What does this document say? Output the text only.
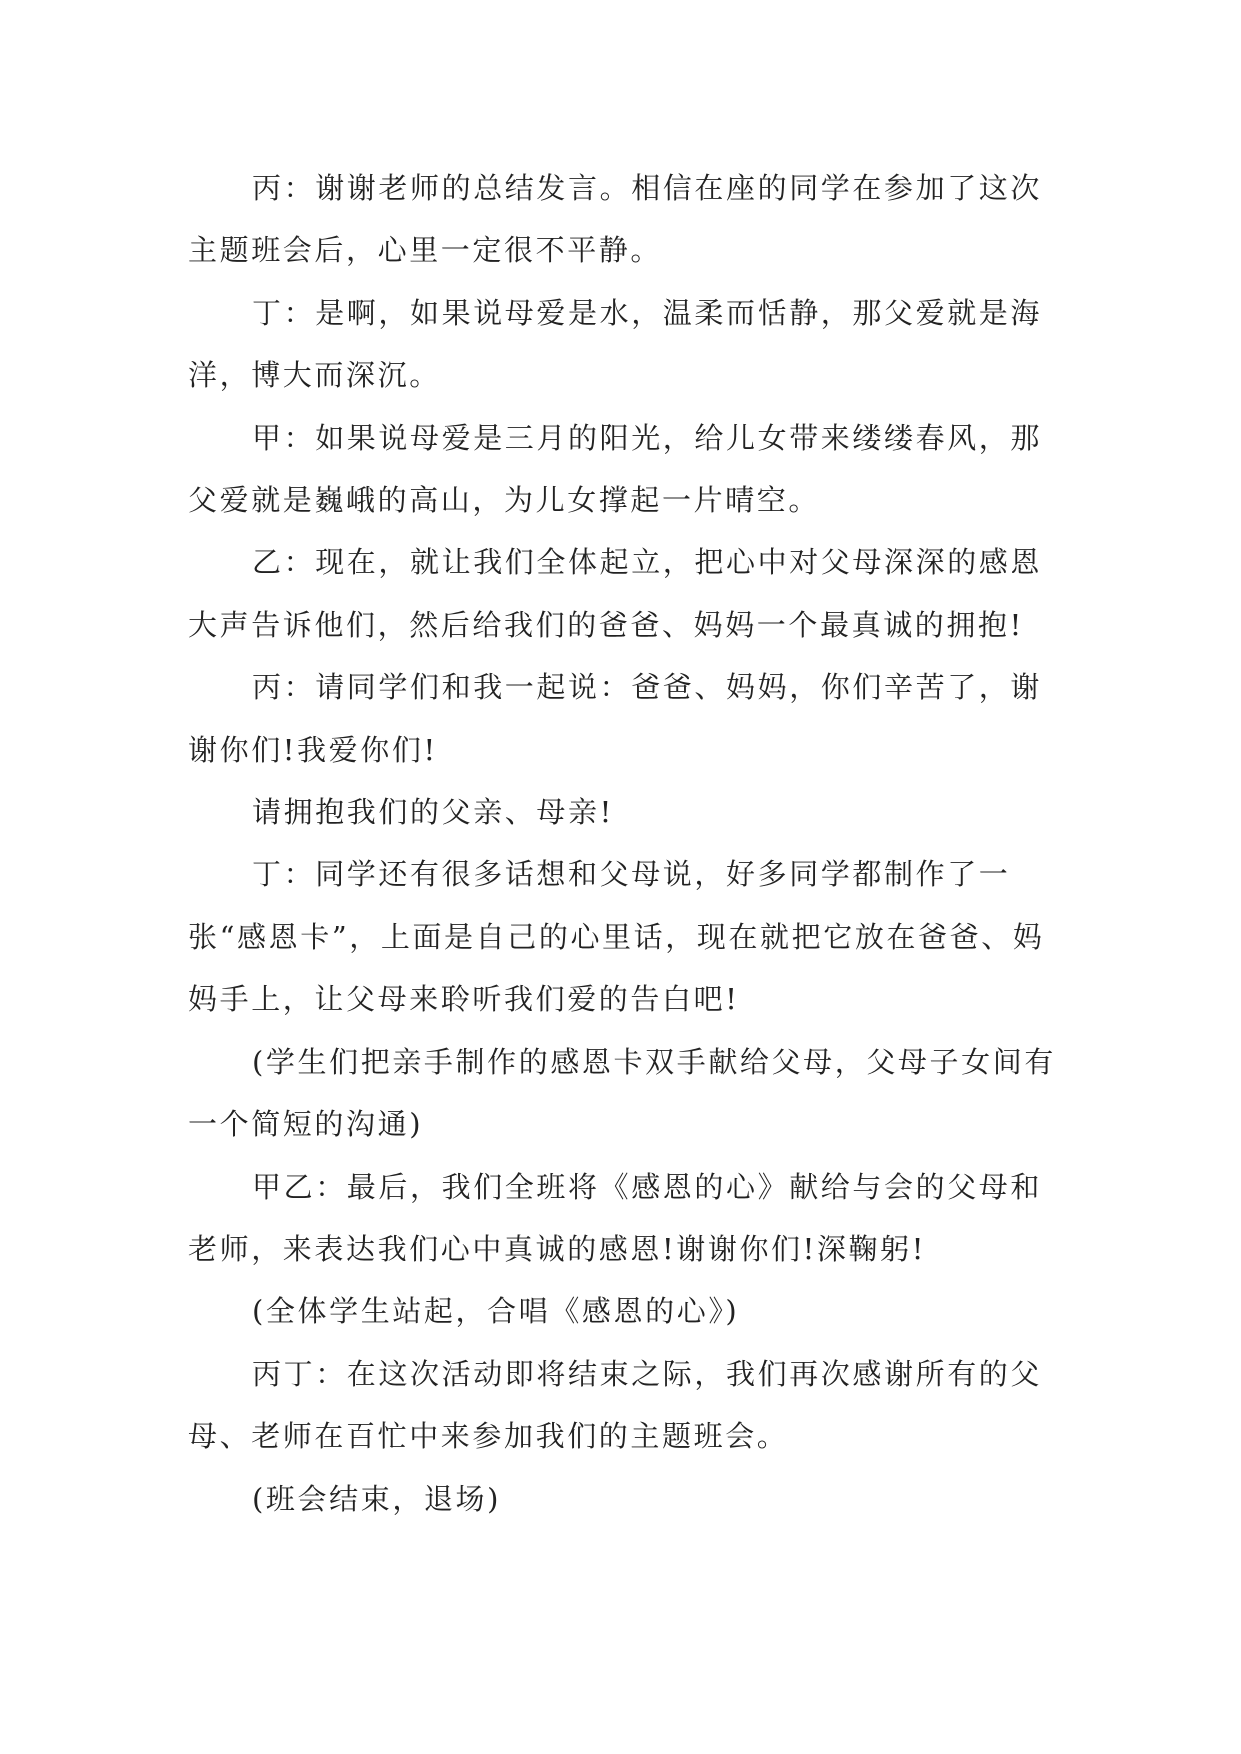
丙：谢谢老师的总结发言。相信在座的同学在参加了这次主题班会后，心里一定很不平静。

丁：是啊，如果说母爱是水，温柔而恬静，那父爱就是海洋，博大而深沉。

甲：如果说母爱是三月的阳光，给儿女带来缕缕春风，那父爱就是巍峨的高山，为儿女撑起一片晴空。

乙：现在，就让我们全体起立，把心中对父母深深的感恩大声告诉他们，然后给我们的爸爸、妈妈一个最真诚的拥抱!

丙：请同学们和我一起说：爸爸、妈妈，你们辛苦了，谢谢你们!我爱你们!

请拥抱我们的父亲、母亲!

丁：同学还有很多话想和父母说，好多同学都制作了一张“感恩卡”，上面是自己的心里话，现在就把它放在爸爸、妈妈手上，让父母来聆听我们爱的告白吧!

(学生们把亲手制作的感恩卡双手献给父母，父母子女间有一个简短的沟通)

甲乙：最后，我们全班将《感恩的心》献给与会的父母和老师，来表达我们心中真诚的感恩!谢谢你们!深鞠躬!

(全体学生站起，合唱《感恩的心》)

丙丁：在这次活动即将结束之际，我们再次感谢所有的父母、老师在百忙中来参加我们的主题班会。

(班会结束，退场)
